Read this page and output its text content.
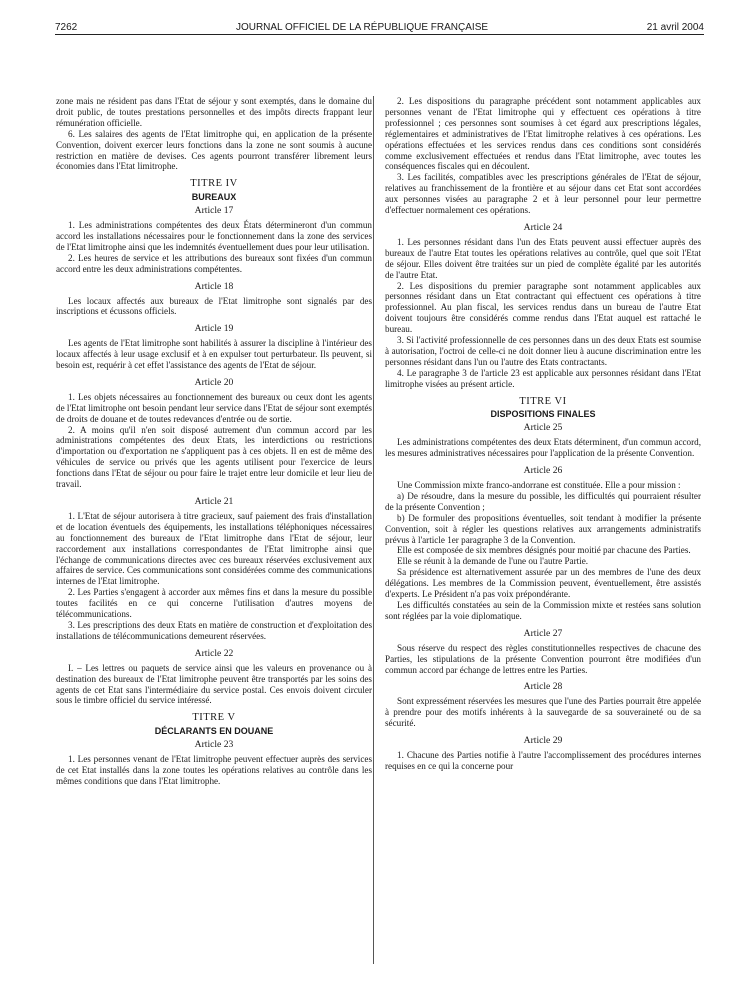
7262	JOURNAL OFFICIEL DE LA RÉPUBLIQUE FRANÇAISE	21 avril 2004

zone mais ne résident pas dans l'Etat de séjour y sont exemptés, dans le domaine du droit public, de toutes prestations personnelles et des impôts directs frappant leur rémunération officielle.

6. Les salaires des agents de l'Etat limitrophe qui, en application de la présente Convention, doivent exercer leurs fonctions dans la zone ne sont soumis à aucune restriction en matière de devises. Ces agents pourront transférer librement leurs économies dans l'Etat limitrophe.

TITRE IV
BUREAUX
Article 17

1. Les administrations compétentes des deux États détermineront d'un commun accord les installations nécessaires pour le fonctionnement dans la zone des services de l'Etat limitrophe ainsi que les indemnités éventuellement dues pour leur utilisation.

2. Les heures de service et les attributions des bureaux sont fixées d'un commun accord entre les deux administrations compétentes.

Article 18

Les locaux affectés aux bureaux de l'Etat limitrophe sont signalés par des inscriptions et écussons officiels.

Article 19

Les agents de l'Etat limitrophe sont habilités à assurer la discipline à l'intérieur des locaux affectés à leur usage exclusif et à en expulser tout perturbateur. Ils peuvent, si besoin est, requérir à cet effet l'assistance des agents de l'Etat de séjour.

Article 20

1. Les objets nécessaires au fonctionnement des bureaux ou ceux dont les agents de l'Etat limitrophe ont besoin pendant leur service dans l'Etat de séjour sont exemptés de droits de douane et de toutes redevances d'entrée ou de sortie.

2. A moins qu'il n'en soit disposé autrement d'un commun accord par les administrations compétentes des deux Etats, les interdictions ou restrictions d'importation ou d'exportation ne s'appliquent pas à ces objets. Il en est de même des véhicules de service ou privés que les agents utilisent pour l'exercice de leurs fonctions dans l'Etat de séjour ou pour faire le trajet entre leur domicile et leur lieu de travail.

Article 21

1. L'Etat de séjour autorisera à titre gracieux, sauf paiement des frais d'installation et de location éventuels des équipements, les installations téléphoniques nécessaires au fonctionnement des bureaux de l'Etat limitrophe dans l'Etat de séjour, leur raccordement aux installations correspondantes de l'Etat limitrophe ainsi que l'échange de communications directes avec ces bureaux réservées exclusivement aux affaires de service. Ces communications sont considérées comme des communications internes de l'Etat limitrophe.

2. Les Parties s'engagent à accorder aux mêmes fins et dans la mesure du possible toutes facilités en ce qui concerne l'utilisation d'autres moyens de télécommunications.

3. Les prescriptions des deux Etats en matière de construction et d'exploitation des installations de télécommunications demeurent réservées.

Article 22

I. – Les lettres ou paquets de service ainsi que les valeurs en provenance ou à destination des bureaux de l'Etat limitrophe peuvent être transportés par les soins des agents de cet Etat sans l'intermédiaire du service postal. Ces envois doivent circuler sous le timbre officiel du service intéressé.

TITRE V
DÉCLARANTS EN DOUANE
Article 23

1. Les personnes venant de l'Etat limitrophe peuvent effectuer auprès des services de cet Etat installés dans la zone toutes les opérations relatives au contrôle dans les mêmes conditions que dans l'Etat limitrophe.

2. Les dispositions du paragraphe précédent sont notamment applicables aux personnes venant de l'Etat limitrophe qui y effectuent ces opérations à titre professionnel ; ces personnes sont soumises à cet égard aux prescriptions légales, réglementaires et administratives de l'Etat limitrophe relatives à ces opérations. Les opérations effectuées et les services rendus dans ces conditions sont considérés comme exclusivement effectuées et rendus dans l'Etat limitrophe, avec toutes les conséquences fiscales qui en découlent.

3. Les facilités, compatibles avec les prescriptions générales de l'Etat de séjour, relatives au franchissement de la frontière et au séjour dans cet Etat sont accordées aux personnes visées au paragraphe 2 et à leur personnel pour leur permettre d'effectuer normalement ces opérations.

Article 24

1. Les personnes résidant dans l'un des Etats peuvent aussi effectuer auprès des bureaux de l'autre Etat toutes les opérations relatives au contrôle, quel que soit l'Etat de séjour. Elles doivent être traitées sur un pied de complète égalité par les autorités de l'autre Etat.

2. Les dispositions du premier paragraphe sont notamment applicables aux personnes résidant dans un Etat contractant qui effectuent ces opérations à titre professionnel. Au plan fiscal, les services rendus dans un bureau de l'autre Etat doivent toujours être considérés comme rendus dans l'Etat auquel est rattaché le bureau.

3. Si l'activité professionnelle de ces personnes dans un des deux Etats est soumise à autorisation, l'octroi de celle-ci ne doit donner lieu à aucune discrimination entre les personnes résidant dans l'un ou l'autre des Etats contractants.

4. Le paragraphe 3 de l'article 23 est applicable aux personnes résidant dans l'Etat limitrophe visées au présent article.

TITRE VI
DISPOSITIONS FINALES
Article 25

Les administrations compétentes des deux Etats déterminent, d'un commun accord, les mesures administratives nécessaires pour l'application de la présente Convention.

Article 26

Une Commission mixte franco-andorrane est constituée. Elle a pour mission :

a) De résoudre, dans la mesure du possible, les difficultés qui pourraient résulter de la présente Convention ;

b) De formuler des propositions éventuelles, soit tendant à modifier la présente Convention, soit à régler les questions relatives aux arrangements administratifs prévus à l'article 1er paragraphe 3 de la Convention.

Elle est composée de six membres désignés pour moitié par chacune des Parties.

Elle se réunit à la demande de l'une ou l'autre Partie.

Sa présidence est alternativement assurée par un des membres de l'une des deux délégations. Les membres de la Commission peuvent, éventuellement, être assistés d'experts. Le Président n'a pas voix prépondérante.

Les difficultés constatées au sein de la Commission mixte et restées sans solution sont réglées par la voie diplomatique.

Article 27

Sous réserve du respect des règles constitutionnelles respectives de chacune des Parties, les stipulations de la présente Convention pourront être modifiées d'un commun accord par échange de lettres entre les Parties.

Article 28

Sont expressément réservées les mesures que l'une des Parties pourrait être appelée à prendre pour des motifs inhérents à la sauvegarde de sa souveraineté ou de sa sécurité.

Article 29

1. Chacune des Parties notifie à l'autre l'accomplissement des procédures internes requises en ce qui la concerne pour
